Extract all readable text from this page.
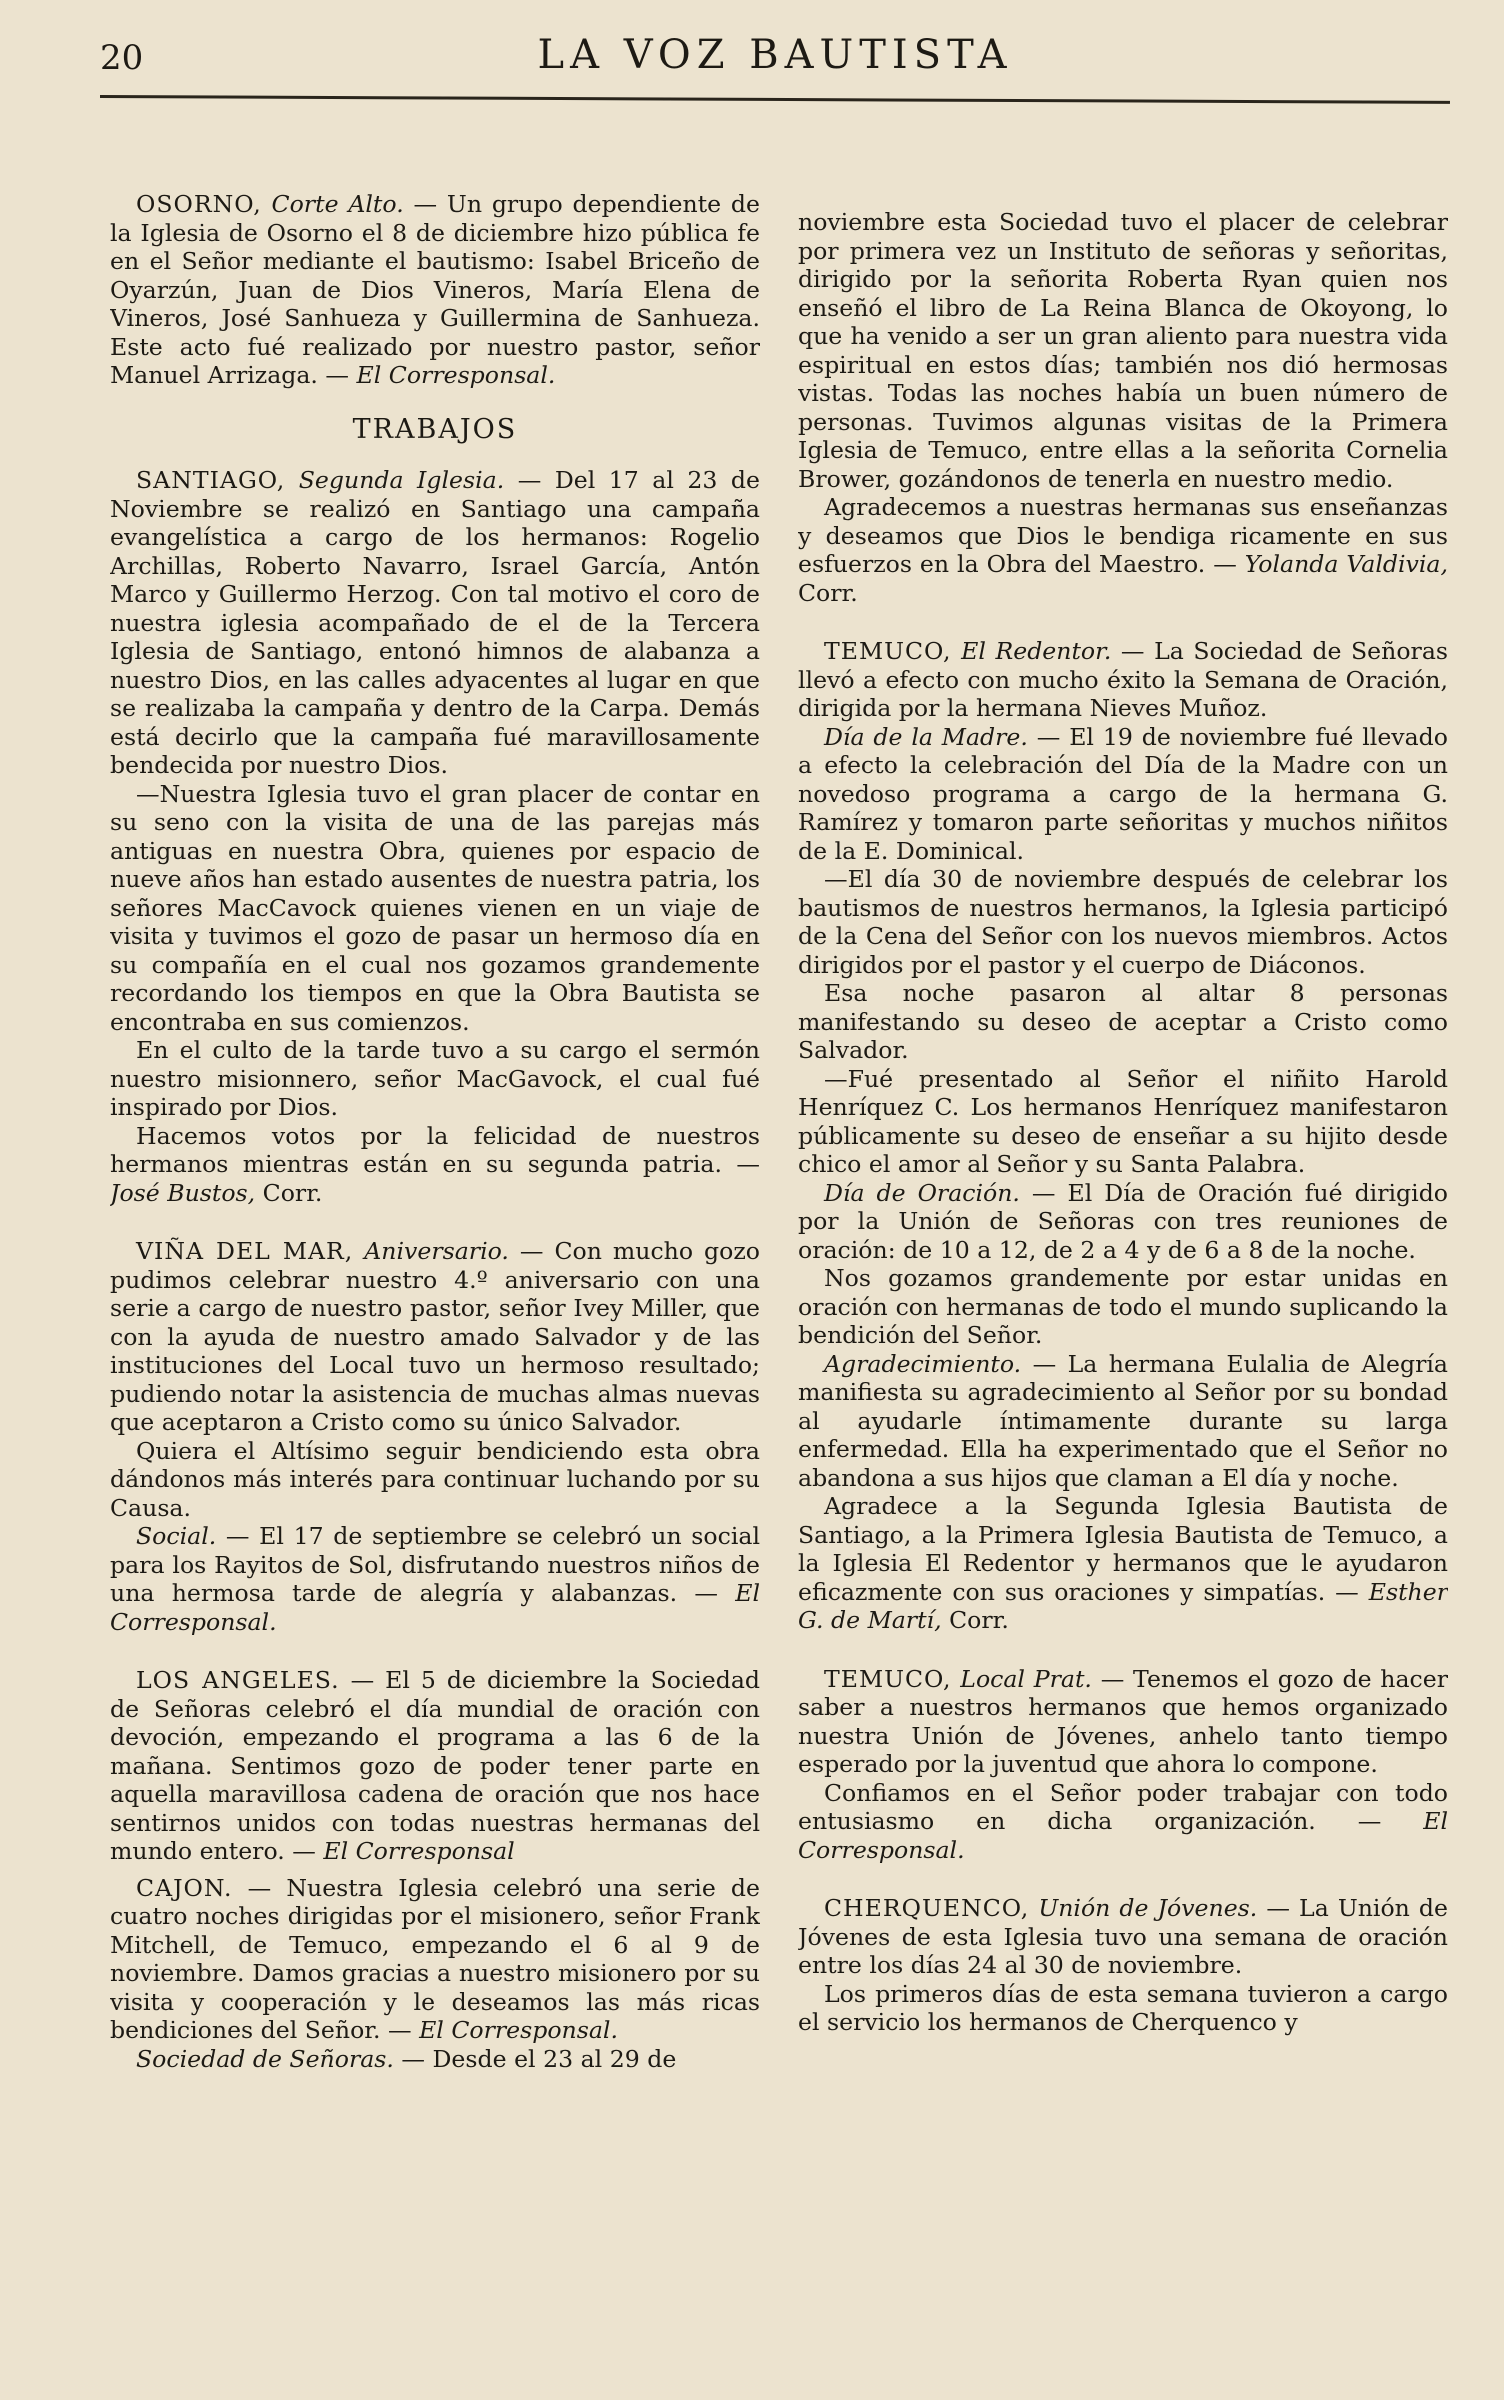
20	LA VOZ BAUTISTA

OSORNO, Corte Alto. — Un grupo dependiente de la Iglesia de Osorno el 8 de diciembre hizo pública fe en el Señor mediante el bautismo: Isabel Briceño de Oyarzún, Juan de Dios Vineros, María Elena de Vineros, José Sanhueza y Guillermina de Sanhueza. Este acto fué realizado por nuestro pastor, señor Manuel Arrizaga. — El Corresponsal.

TRABAJOS

SANTIAGO, Segunda Iglesia. — Del 17 al 23 de Noviembre se realizó en Santiago una campaña evangelística a cargo de los hermanos: Rogelio Archillas, Roberto Navarro, Israel García, Antón Marco y Guillermo Herzog. Con tal motivo el coro de nuestra iglesia acompañado de el de la Tercera Iglesia de Santiago, entonó himnos de alabanza a nuestro Dios, en las calles adyacentes al lugar en que se realizaba la campaña y dentro de la Carpa. Demás está decirlo que la campaña fué maravillosamente bendecida por nuestro Dios.

—Nuestra Iglesia tuvo el gran placer de contar en su seno con la visita de una de las parejas más antiguas en nuestra Obra, quienes por espacio de nueve años han estado ausentes de nuestra patria, los señores MacCavock quienes vienen en un viaje de visita y tuvimos el gozo de pasar un hermoso día en su compañía en el cual nos gozamos grandemente recordando los tiempos en que la Obra Bautista se encontraba en sus comienzos.

En el culto de la tarde tuvo a su cargo el sermón nuestro misionnero, señor MacGavock, el cual fué inspirado por Dios.

Hacemos votos por la felicidad de nuestros hermanos mientras están en su segunda patria. — José Bustos, Corr.

VIÑA DEL MAR, Aniversario. — Con mucho gozo pudimos celebrar nuestro 4.º aniversario con una serie a cargo de nuestro pastor, señor Ivey Miller, que con la ayuda de nuestro amado Salvador y de las instituciones del Local tuvo un hermoso resultado; pudiendo notar la asistencia de muchas almas nuevas que aceptaron a Cristo como su único Salvador.

Quiera el Altísimo seguir bendiciendo esta obra dándonos más interés para continuar luchando por su Causa.

Social. — El 17 de septiembre se celebró un social para los Rayitos de Sol, disfrutando nuestros niños de una hermosa tarde de alegría y alabanzas. — El Corresponsal.

LOS ANGELES. — El 5 de diciembre la Sociedad de Señoras celebró el día mundial de oración con devoción, empezando el programa a las 6 de la mañana. Sentimos gozo de poder tener parte en aquella maravillosa cadena de oración que nos hace sentirnos unidos con todas nuestras hermanas del mundo entero. — El Corresponsal

CAJON. — Nuestra Iglesia celebró una serie de cuatro noches dirigidas por el misionero, señor Frank Mitchell, de Temuco, empezando el 6 al 9 de noviembre. Damos gracias a nuestro misionero por su visita y cooperación y le deseamos las más ricas bendiciones del Señor. — El Corresponsal.

Sociedad de Señoras. — Desde el 23 al 29 de

noviembre esta Sociedad tuvo el placer de celebrar por primera vez un Instituto de señoras y señoritas, dirigido por la señorita Roberta Ryan quien nos enseñó el libro de La Reina Blanca de Okoyong, lo que ha venido a ser un gran aliento para nuestra vida espiritual en estos días; también nos dió hermosas vistas. Todas las noches había un buen número de personas. Tuvimos algunas visitas de la Primera Iglesia de Temuco, entre ellas a la señorita Cornelia Brower, gozándonos de tenerla en nuestro medio.

Agradecemos a nuestras hermanas sus enseñanzas y deseamos que Dios le bendiga ricamente en sus esfuerzos en la Obra del Maestro. — Yolanda Valdivia, Corr.

TEMUCO, El Redentor. — La Sociedad de Señoras llevó a efecto con mucho éxito la Semana de Oración, dirigida por la hermana Nieves Muñoz.

Día de la Madre. — El 19 de noviembre fué llevado a efecto la celebración del Día de la Madre con un novedoso programa a cargo de la hermana G. Ramírez y tomaron parte señoritas y muchos niñitos de la E. Dominical.

—El día 30 de noviembre después de celebrar los bautismos de nuestros hermanos, la Iglesia participó de la Cena del Señor con los nuevos miembros. Actos dirigidos por el pastor y el cuerpo de Diáconos.

Esa noche pasaron al altar 8 personas manifestando su deseo de aceptar a Cristo como Salvador.

—Fué presentado al Señor el niñito Harold Henríquez C. Los hermanos Henríquez manifestaron públicamente su deseo de enseñar a su hijito desde chico el amor al Señor y su Santa Palabra.

Día de Oración. — El Día de Oración fué dirigido por la Unión de Señoras con tres reuniones de oración: de 10 a 12, de 2 a 4 y de 6 a 8 de la noche.

Nos gozamos grandemente por estar unidas en oración con hermanas de todo el mundo suplicando la bendición del Señor.

Agradecimiento. — La hermana Eulalia de Alegría manifiesta su agradecimiento al Señor por su bondad al ayudarle íntimamente durante su larga enfermedad. Ella ha experimentado que el Señor no abandona a sus hijos que claman a El día y noche.

Agradece a la Segunda Iglesia Bautista de Santiago, a la Primera Iglesia Bautista de Temuco, a la Iglesia El Redentor y hermanos que le ayudaron eficazmente con sus oraciones y simpatías. — Esther G. de Martí, Corr.

TEMUCO, Local Prat. — Tenemos el gozo de hacer saber a nuestros hermanos que hemos organizado nuestra Unión de Jóvenes, anhelo tanto tiempo esperado por la juventud que ahora lo compone.

Confiamos en el Señor poder trabajar con todo entusiasmo en dicha organización. — El Corresponsal.

CHERQUENCO, Unión de Jóvenes. — La Unión de Jóvenes de esta Iglesia tuvo una semana de oración entre los días 24 al 30 de noviembre.

Los primeros días de esta semana tuvieron a cargo el servicio los hermanos de Cherquenco y
